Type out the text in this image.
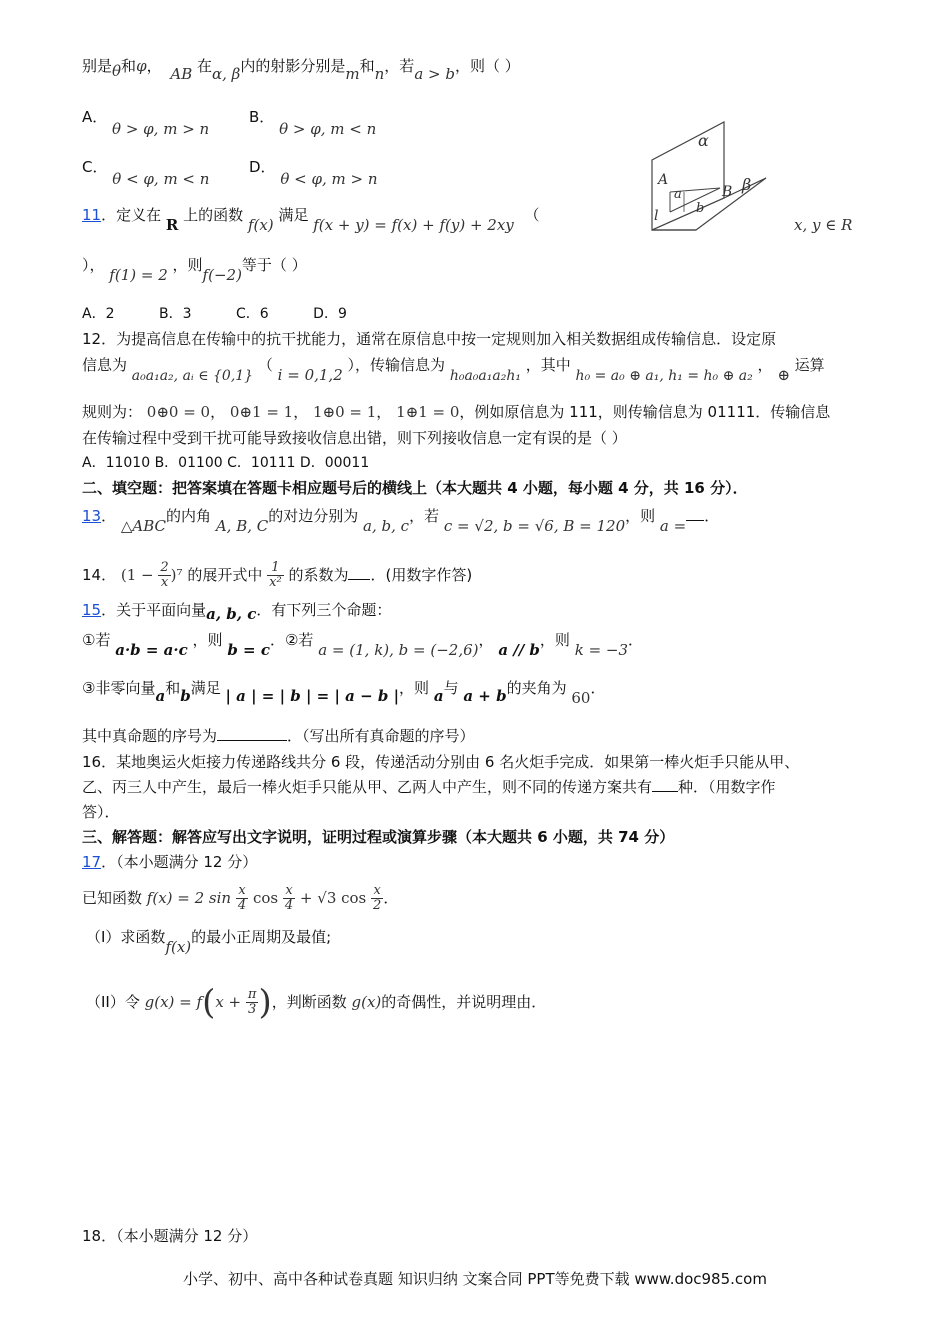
别是θ和φ， AB 在α, β内的射影分别是m和n，若a > b，则（ ）
A． θ > φ, m > n
B． θ > φ, m < n
C． θ < φ, m < n
D． θ < φ, m > n
α
β
A
B
a
b
l
11．定义在 R 上的函数 f(x) 满足 f(x + y) = f(x) + f(y) + 2xy （
x, y ∈ R
）， f(1) = 2 ，则f(−2)等于（ ）
A．2          B．3          C．6          D．9
12．为提高信息在传输中的抗干扰能力，通常在原信息中按一定规则加入相关数据组成传输信息．设定原
信息为 a₀a₁a₂, aᵢ ∈ {0,1} （ i = 0,1,2 ），传输信息为 h₀a₀a₁a₂h₁ ，其中 h₀ = a₀ ⊕ a₁, h₁ = h₀ ⊕ a₂ ， ⊕ 运算
规则为： 0⊕0 = 0， 0⊕1 = 1， 1⊕0 = 1， 1⊕1 = 0，例如原信息为 111，则传输信息为 01111．传输信息
在传输过程中受到干扰可能导致接收信息出错，则下列接收信息一定有误的是（ ）
A．11010 B．01100 C．10111 D．00011
二、填空题：把答案填在答题卡相应题号后的横线上（本大题共 4 小题，每小题 4 分，共 16 分）．
13． △ABC的内角 A, B, C的对边分别为 a, b, c，若 c = √2, b = √6, B = 120，则 a =．
14． $(1 - \frac{2}{x} )^7$ 的展开式中 $\frac{1}{\text{x²}}$ 的系数为 ．(用数字作答)
15．关于平面向量a, b, c．有下列三个命题：
①若 a·b = a·c ，则 b = c．②若 a = (1, k), b = (−2,6)， a // b，则 k = −3．
③非零向量a和b满足 | a | = | b | = | a − b |，则 a与 a + b的夹角为 60．
其中真命题的序号为	．（写出所有真命题的序号）
16．某地奥运火炬接力传递路线共分 6 段，传递活动分别由 6 名火炬手完成．如果第一棒火炬手只能从甲、
乙、丙三人中产生，最后一棒火炬手只能从甲、乙两人中产生，则不同的传递方案共有 种．（用数字作
答）．
三、解答题：解答应写出文字说明，证明过程或演算步骤（本大题共 6 小题，共 74 分）
17．（本小题满分 12 分）
已知函数 f(x) = 2 $\sin \frac{x}{4}$ $\cos \frac{x}{4} + √3$ $\cos \frac{x}{2}$ ．
（I）求函数f(x)的最小正周期及最值;
（II）令 $g(x) = f(x + \frac{\pi}{3}$ )，判断函数 g(x)的奇偶性，并说明理由．
18．（本小题满分 12 分）
小学、初中、高中各种试卷真题 知识归纳 文案合同 PPT等免费下载 www.doc985.com
